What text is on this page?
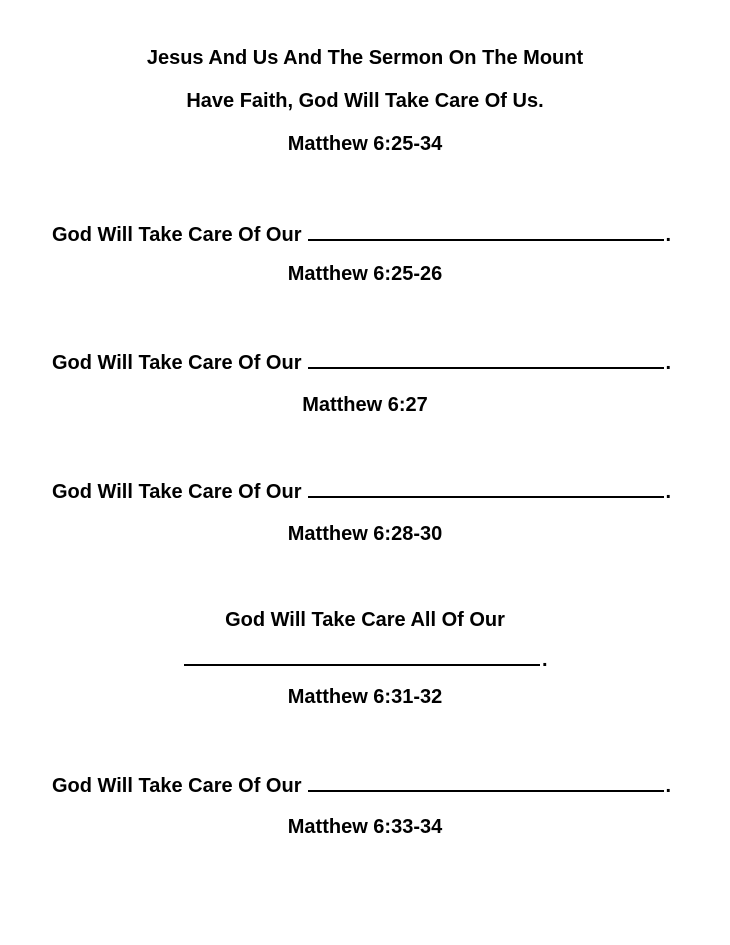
Jesus And Us And The Sermon On The Mount
Have Faith, God Will Take Care Of Us.
Matthew 6:25-34
God Will Take Care Of Our	.
Matthew 6:25-26
God Will Take Care Of Our	.
Matthew 6:27
God Will Take Care Of Our	.
Matthew 6:28-30
God Will Take Care All Of Our
.
Matthew 6:31-32
God Will Take Care Of Our	.
Matthew 6:33-34
